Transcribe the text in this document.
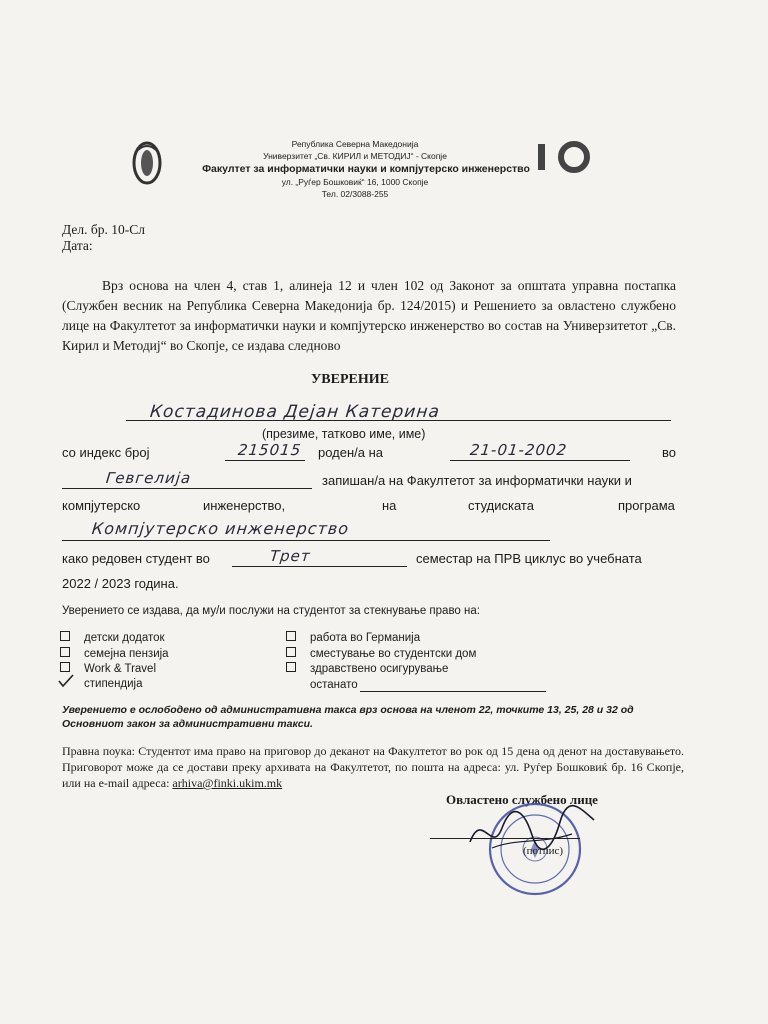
Република Северна Македонија
Универзитет „Св. КИРИЛ и МЕТОДИЈ“ - Скопје
Факултет за информатички науки и компјутерско инженерство
ул. „Руѓер Бошковиќ“ 16, 1000 Скопје
Тел. 02/3088-255
Дел. бр. 10-Сл
Дата:
Врз основа на член 4, став 1, алинеја 12 и член 102 од Законот за општата управна постапка (Службен весник на Република Северна Македонија бр. 124/2015) и Решението за овластено службено лице на Факултетот за информатички науки и компјутерско инженерство во состав на Универзитетот „Св. Кирил и Методиј“ во Скопје, се издава следново
УВЕРЕНИЕ
Костадинова Дејан Катерина
(презиме, татково име, име)
со индекс број	215015 роден/а на	21-01-2002	во
Гевгелија	запишан/а на Факултетот за информатички науки и
компјутерско	инженерство,	на	студиската	програма
Компјутерско инженерство
како редовен студент во	Трет	семестар на ПРВ циклус во учебната
2022 / 2023 година.
Уверението се издава, да му/и послужи на студентот за стекнување право на:
детски додаток
семејна пензија
Work & Travel
стипендија
работа во Германија
сместување во студентски дом
здравствено осигурување
останато
Уверението е ослободено од административна такса врз основа на членот 22, точките 13, 25, 28 и 32 од Основниот закон за административни такси.
Правна поука: Студентот има право на приговор до деканот на Факултетот во рок од 15 дена од денот на доставувањето. Приговорот може да се достави преку архивата на Факултетот, по пошта на адреса: ул. Руѓер Бошковиќ бр. 16 Скопје, или на е-mail адреса: arhiva@finki.ukim.mk
Овластено службено лице
(потпис)
